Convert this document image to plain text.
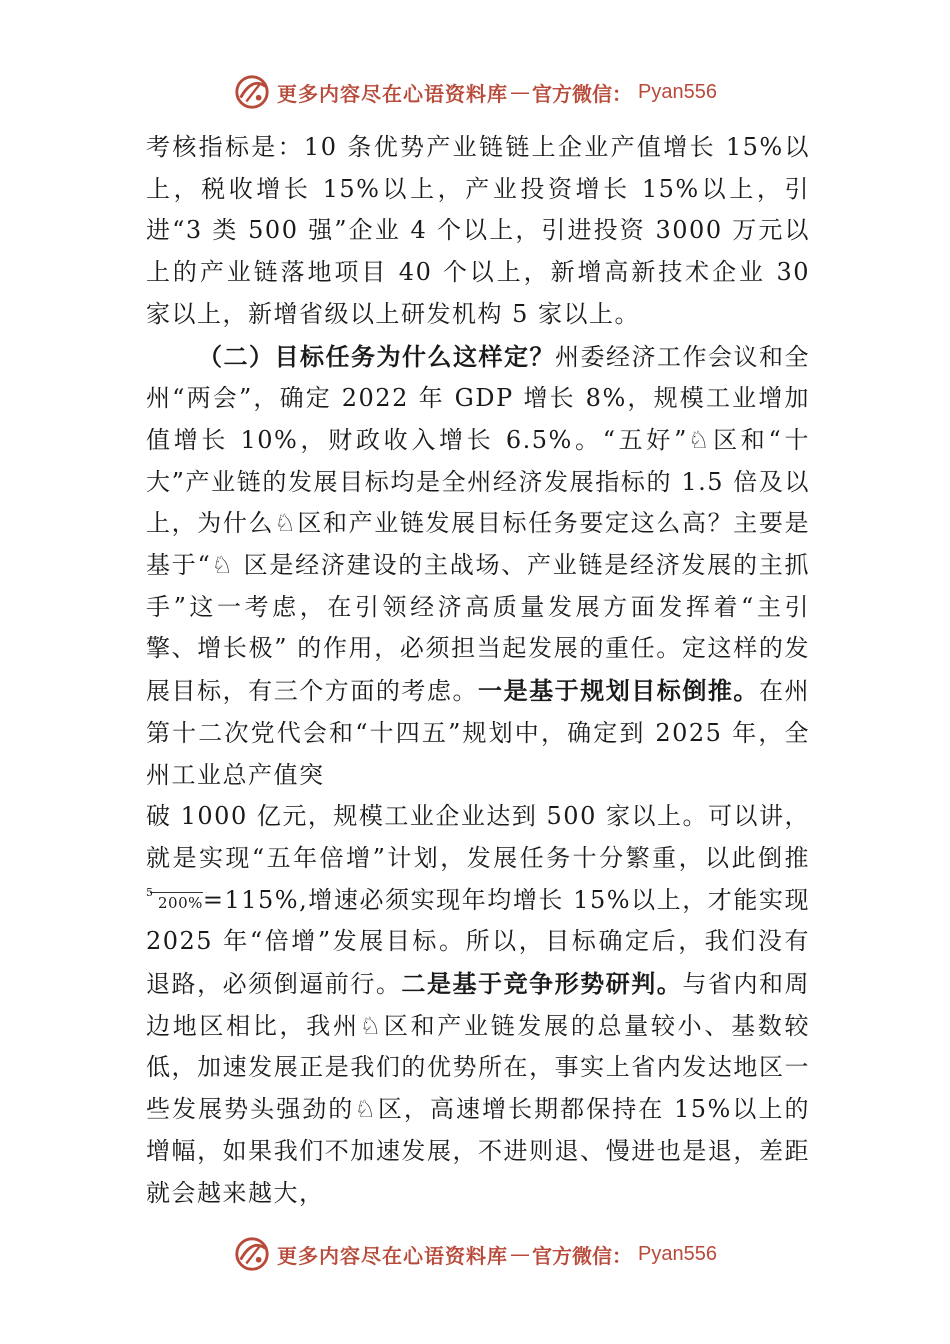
更多内容尽在心语资料库 — 官方微信： Pyan556

考核指标是：10 条优势产业链链上企业产值增长 15%以上，税收增长 15%以上，产业投资增长 15%以上，引进“3 类 500 强”企业 4 个以上，引进投资 3000 万元以上的产业链落地项目 40 个以上，新增高新技术企业 30 家以上，新增省级以上研发机构 5 家以上。

（二）目标任务为什么这样定？州委经济工作会议和全州“两会”，确定 2022 年 GDP 增长 8%，规模工业增加值增长 10%，财政收入增长 6.5%。“五好”♘区和“十大”产业链的发展目标均是全州经济发展指标的 1.5 倍及以上，为什么♘区和产业链发展目标任务要定这么高？主要是基于“♘ 区是经济建设的主战场、产业链是经济发展的主抓手”这一考虑，在引领经济高质量发展方面发挥着“主引擎、增长极” 的作用，必须担当起发展的重任。定这样的发展目标，有三个方面的考虑。一是基于规划目标倒推。在州第十二次党代会和“十四五”规划中，确定到 2025 年，全州工业总产值突

破 1000 亿元，规模工业企业达到 500 家以上。可以讲，就是实现“五年倍增”计划，发展任务十分繁重，以此倒推
5
200%=115%,增速必须实现年均增长 15%以上，才能实现 2025 年“倍增”发展目标。所以，目标确定后，我们没有退路，必须倒逼前行。二是基于竞争形势研判。与省内和周边地区相比，我州♘区和产业链发展的总量较小、基数较低，加速发展正是我们的优势所在，事实上省内发达地区一些发展势头强劲的♘区，高速增长期都保持在 15%以上的增幅，如果我们不加速发展，不进则退、慢进也是退，差距就会越来越大，

更多内容尽在心语资料库 — 官方微信： Pyan556
